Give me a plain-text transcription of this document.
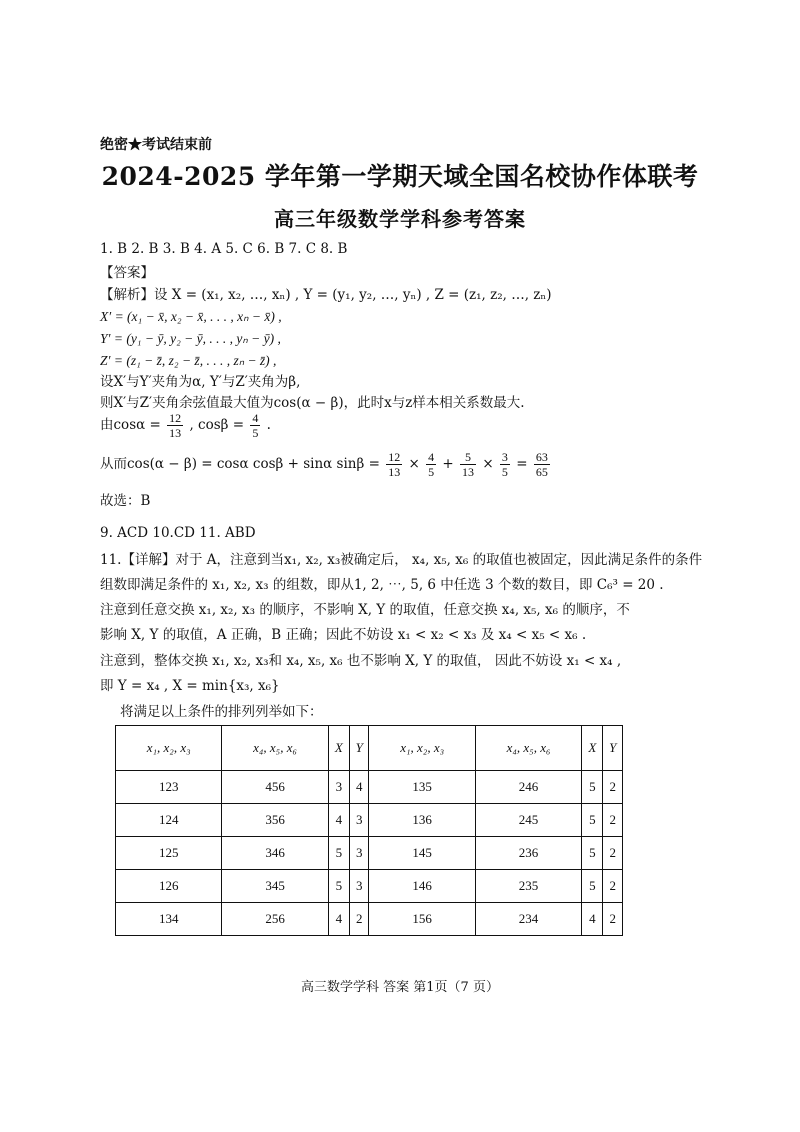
绝密★考试结束前
2024-2025 学年第一学期天域全国名校协作体联考
高三年级数学学科参考答案
1. B 2. B 3. B 4. A 5. C 6. B 7. C 8. B
【答案】
【解析】设 X = (x₁, x₂, …, xₙ) , Y = (y₁, y₂, …, yₙ) , Z = (z₁, z₂, …, zₙ)
X′ = (x₁ − x̄, x₂ − x̄, . . . , xₙ − x̄) ,
Y′ = (y₁ − ȳ, y₂ − ȳ, . . . , yₙ − ȳ) ,
Z′ = (z₁ − z̄, z₂ − z̄, . . . , zₙ − z̄) ,
设X′与Y′夹角为α, Y′与Z′夹角为β,
则X′与Z′夹角余弦值最大值为cos(α − β)，此时x与z样本相关系数最大.
由$\cos\alpha = \frac{12}{13}$ , $\cos\beta = \frac{4}{5}$ .
从而cos(α − β) = cosα cosβ + sinα $\sin\beta = \frac{12}{13} \times \frac{4}{5} + \frac{5}{13} \times \frac{3}{5} = \frac{63}{65}$
故选：B
9. ACD 10.CD 11. ABD
11.【详解】对于 A，注意到当x₁, x₂, x₃被确定后， x₄, x₅, x₆ 的取值也被固定，因此满足条件的条件
组数即满足条件的 x₁, x₂, x₃ 的组数，即从1, 2, ⋯, 5, 6 中任选 3 个数的数目，即 C₆³ = 20 .
注意到任意交换 x₁, x₂, x₃ 的顺序，不影响 X, Y 的取值，任意交换 x₄, x₅, x₆ 的顺序，不
影响 X, Y 的取值，A 正确，B 正确；因此不妨设 x₁ < x₂ < x₃ 及 x₄ < x₅ < x₆ .
注意到，整体交换 x₁, x₂, x₃和 x₄, x₅, x₆ 也不影响 X, Y 的取值， 因此不妨设 x₁ < x₄ ,
即 Y = x₄ , X = min{x₃, x₆}
将满足以上条件的排列列举如下：
x₁, x₂, x₃	x₄, x₅, x₆	X	Y	x₁, x₂, x₃	x₄, x₅, x₆	X	Y
123	456	3	4	135	246	5	2
124	356	4	3	136	245	5	2
125	346	5	3	145	236	5	2
126	345	5	3	146	235	5	2
134	256	4	2	156	234	4	2
高三数学学科 答案 第1页（7 页）
